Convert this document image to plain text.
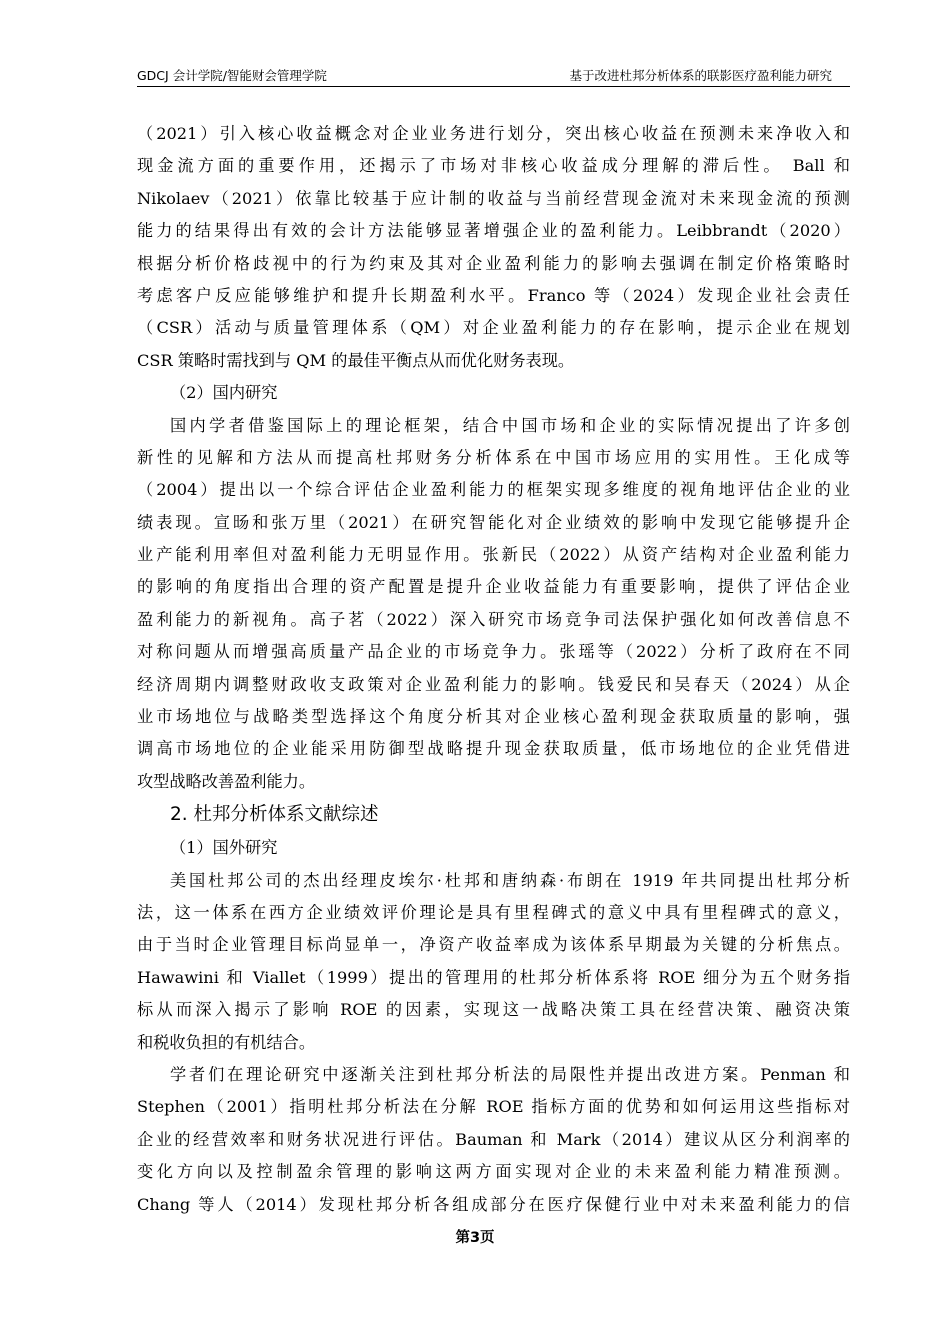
GDCJ 会计学院/智能财会管理学院	基于改进杜邦分析体系的联影医疗盈利能力研究
（2021）引入核心收益概念对企业业务进行划分，突出核心收益在预测未来净收入和
现金流方面的重要作用，还揭示了市场对非核心收益成分理解的滞后性。 Ball 和
Nikolaev（2021）依靠比较基于应计制的收益与当前经营现金流对未来现金流的预测
能力的结果得出有效的会计方法能够显著增强企业的盈利能力。Leibbrandt（2020）
根据分析价格歧视中的行为约束及其对企业盈利能力的影响去强调在制定价格策略时
考虑客户反应能够维护和提升长期盈利水平。Franco 等（2024）发现企业社会责任
（CSR）活动与质量管理体系（QM）对企业盈利能力的存在影响，提示企业在规划
CSR 策略时需找到与 QM 的最佳平衡点从而优化财务表现。
（2）国内研究
国内学者借鉴国际上的理论框架，结合中国市场和企业的实际情况提出了许多创
新性的见解和方法从而提高杜邦财务分析体系在中国市场应用的实用性。王化成等
（2004）提出以一个综合评估企业盈利能力的框架实现多维度的视角地评估企业的业
绩表现。宣旸和张万里（2021）在研究智能化对企业绩效的影响中发现它能够提升企
业产能利用率但对盈利能力无明显作用。张新民（2022）从资产结构对企业盈利能力
的影响的角度指出合理的资产配置是提升企业收益能力有重要影响，提供了评估企业
盈利能力的新视角。高子茗（2022）深入研究市场竞争司法保护强化如何改善信息不
对称问题从而增强高质量产品企业的市场竞争力。张瑶等（2022）分析了政府在不同
经济周期内调整财政收支政策对企业盈利能力的影响。钱爱民和吴春天（2024）从企
业市场地位与战略类型选择这个角度分析其对企业核心盈利现金获取质量的影响，强
调高市场地位的企业能采用防御型战略提升现金获取质量，低市场地位的企业凭借进
攻型战略改善盈利能力。
2. 杜邦分析体系文献综述
（1）国外研究
美国杜邦公司的杰出经理皮埃尔·杜邦和唐纳森·布朗在 1919 年共同提出杜邦分析
法，这一体系在西方企业绩效评价理论是具有里程碑式的意义中具有里程碑式的意义，
由于当时企业管理目标尚显单一，净资产收益率成为该体系早期最为关键的分析焦点。
Hawawini 和 Viallet（1999）提出的管理用的杜邦分析体系将 ROE 细分为五个财务指
标从而深入揭示了影响 ROE 的因素，实现这一战略决策工具在经营决策、融资决策
和税收负担的有机结合。
学者们在理论研究中逐渐关注到杜邦分析法的局限性并提出改进方案。Penman 和
Stephen（2001）指明杜邦分析法在分解 ROE 指标方面的优势和如何运用这些指标对
企业的经营效率和财务状况进行评估。Bauman 和 Mark（2014）建议从区分利润率的
变化方向以及控制盈余管理的影响这两方面实现对企业的未来盈利能力精准预测。
Chang 等人（2014）发现杜邦分析各组成部分在医疗保健行业中对未来盈利能力的信
第3页
